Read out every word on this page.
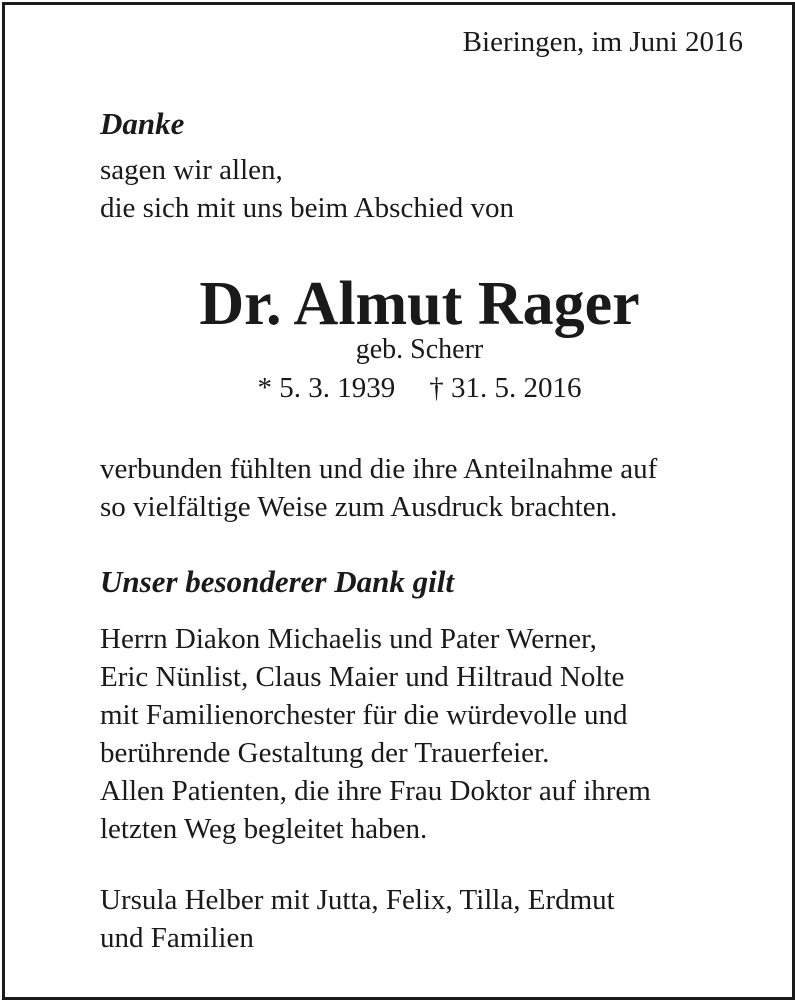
Bieringen, im Juni 2016

Danke

sagen wir allen,
die sich mit uns beim Abschied von

Dr. Almut Rager

geb. Scherr

* 5. 3. 1939 † 31. 5. 2016

verbunden fühlten und die ihre Anteilnahme auf
so vielfältige Weise zum Ausdruck brachten.

Unser besonderer Dank gilt

Herrn Diakon Michaelis und Pater Werner,
Eric Nünlist, Claus Maier und Hiltraud Nolte
mit Familienorchester für die würdevolle und
berührende Gestaltung der Trauerfeier.
Allen Patienten, die ihre Frau Doktor auf ihrem
letzten Weg begleitet haben.
Ursula Helber mit Jutta, Felix, Tilla, Erdmut
und Familien
